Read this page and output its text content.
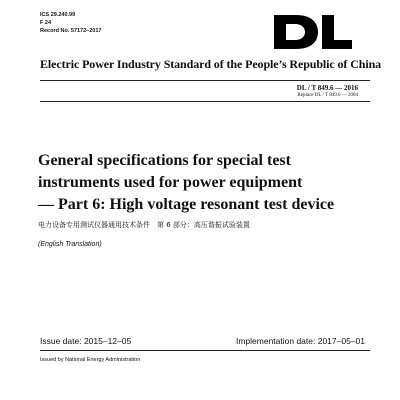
ICS 29.240.99
F 24
Record No. 57172–2017
Electric Power Industry Standard of the People’s Republic of China
DL / T 849.6 — 2016
Replace DL / T 849.6 — 2004
General specifications for special test
instruments used for power equipment
— Part 6: High voltage resonant test device
电力设备专用测试仪器通用技术条件　第 6 部分：高压谐振试验装置
(English Translation)
Issue date: 2015–12–05	Implementation date: 2017–05–01
Issued by National Energy Administration
